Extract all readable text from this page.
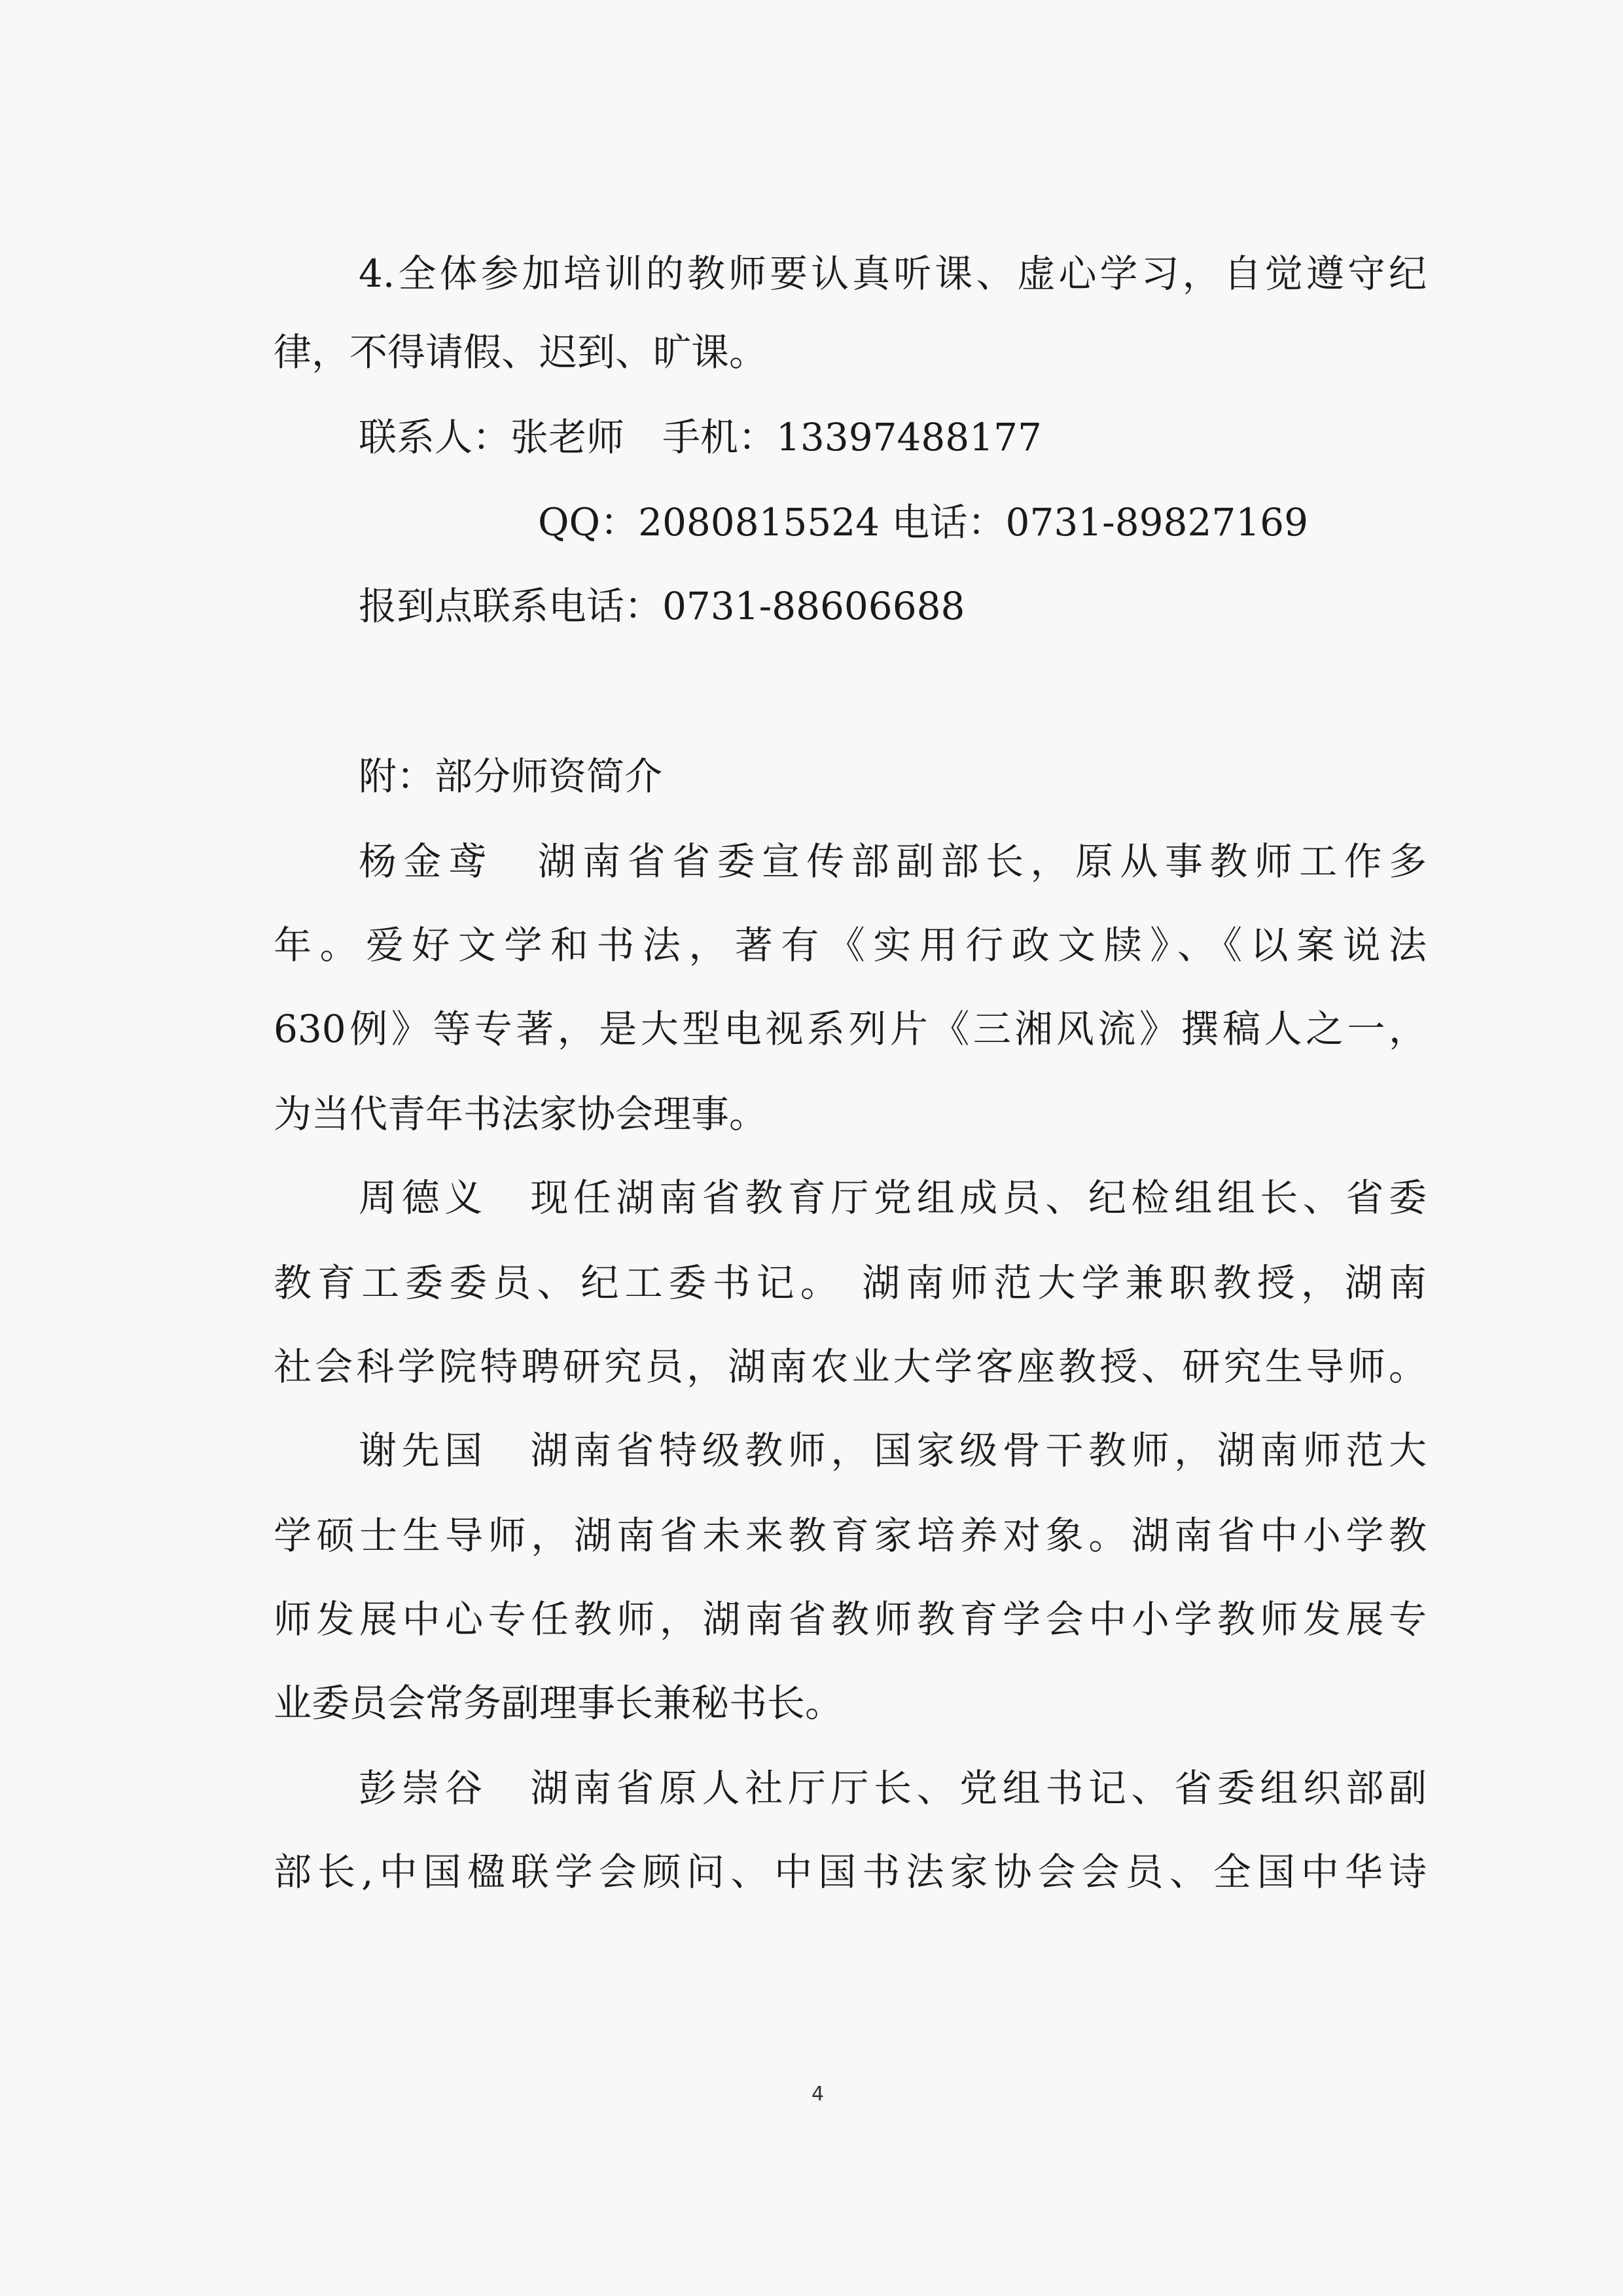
4.全体参加培训的教师要认真听课、虚心学习，自觉遵守纪

律，不得请假、迟到、旷课。

联系人：张老师　手机：13397488177

QQ：2080815524 电话：0731-89827169

报到点联系电话：0731-88606688

附：部分师资简介

杨金鸢　湖南省省委宣传部副部长，原从事教师工作多

年。爱好文学和书法，著有《实用行政文牍》、《以案说法

630例》等专著，是大型电视系列片《三湘风流》撰稿人之一，

为当代青年书法家协会理事。

周德义　现任湖南省教育厅党组成员、纪检组组长、省委

教育工委委员、纪工委书记。 湖南师范大学兼职教授，湖南

社会科学院特聘研究员，湖南农业大学客座教授、研究生导师。

谢先国　湖南省特级教师，国家级骨干教师，湖南师范大

学硕士生导师，湖南省未来教育家培养对象。湖南省中小学教

师发展中心专任教师，湖南省教师教育学会中小学教师发展专

业委员会常务副理事长兼秘书长。

彭崇谷　湖南省原人社厅厅长、党组书记、省委组织部副

部长,中国楹联学会顾问、中国书法家协会会员、全国中华诗

4
